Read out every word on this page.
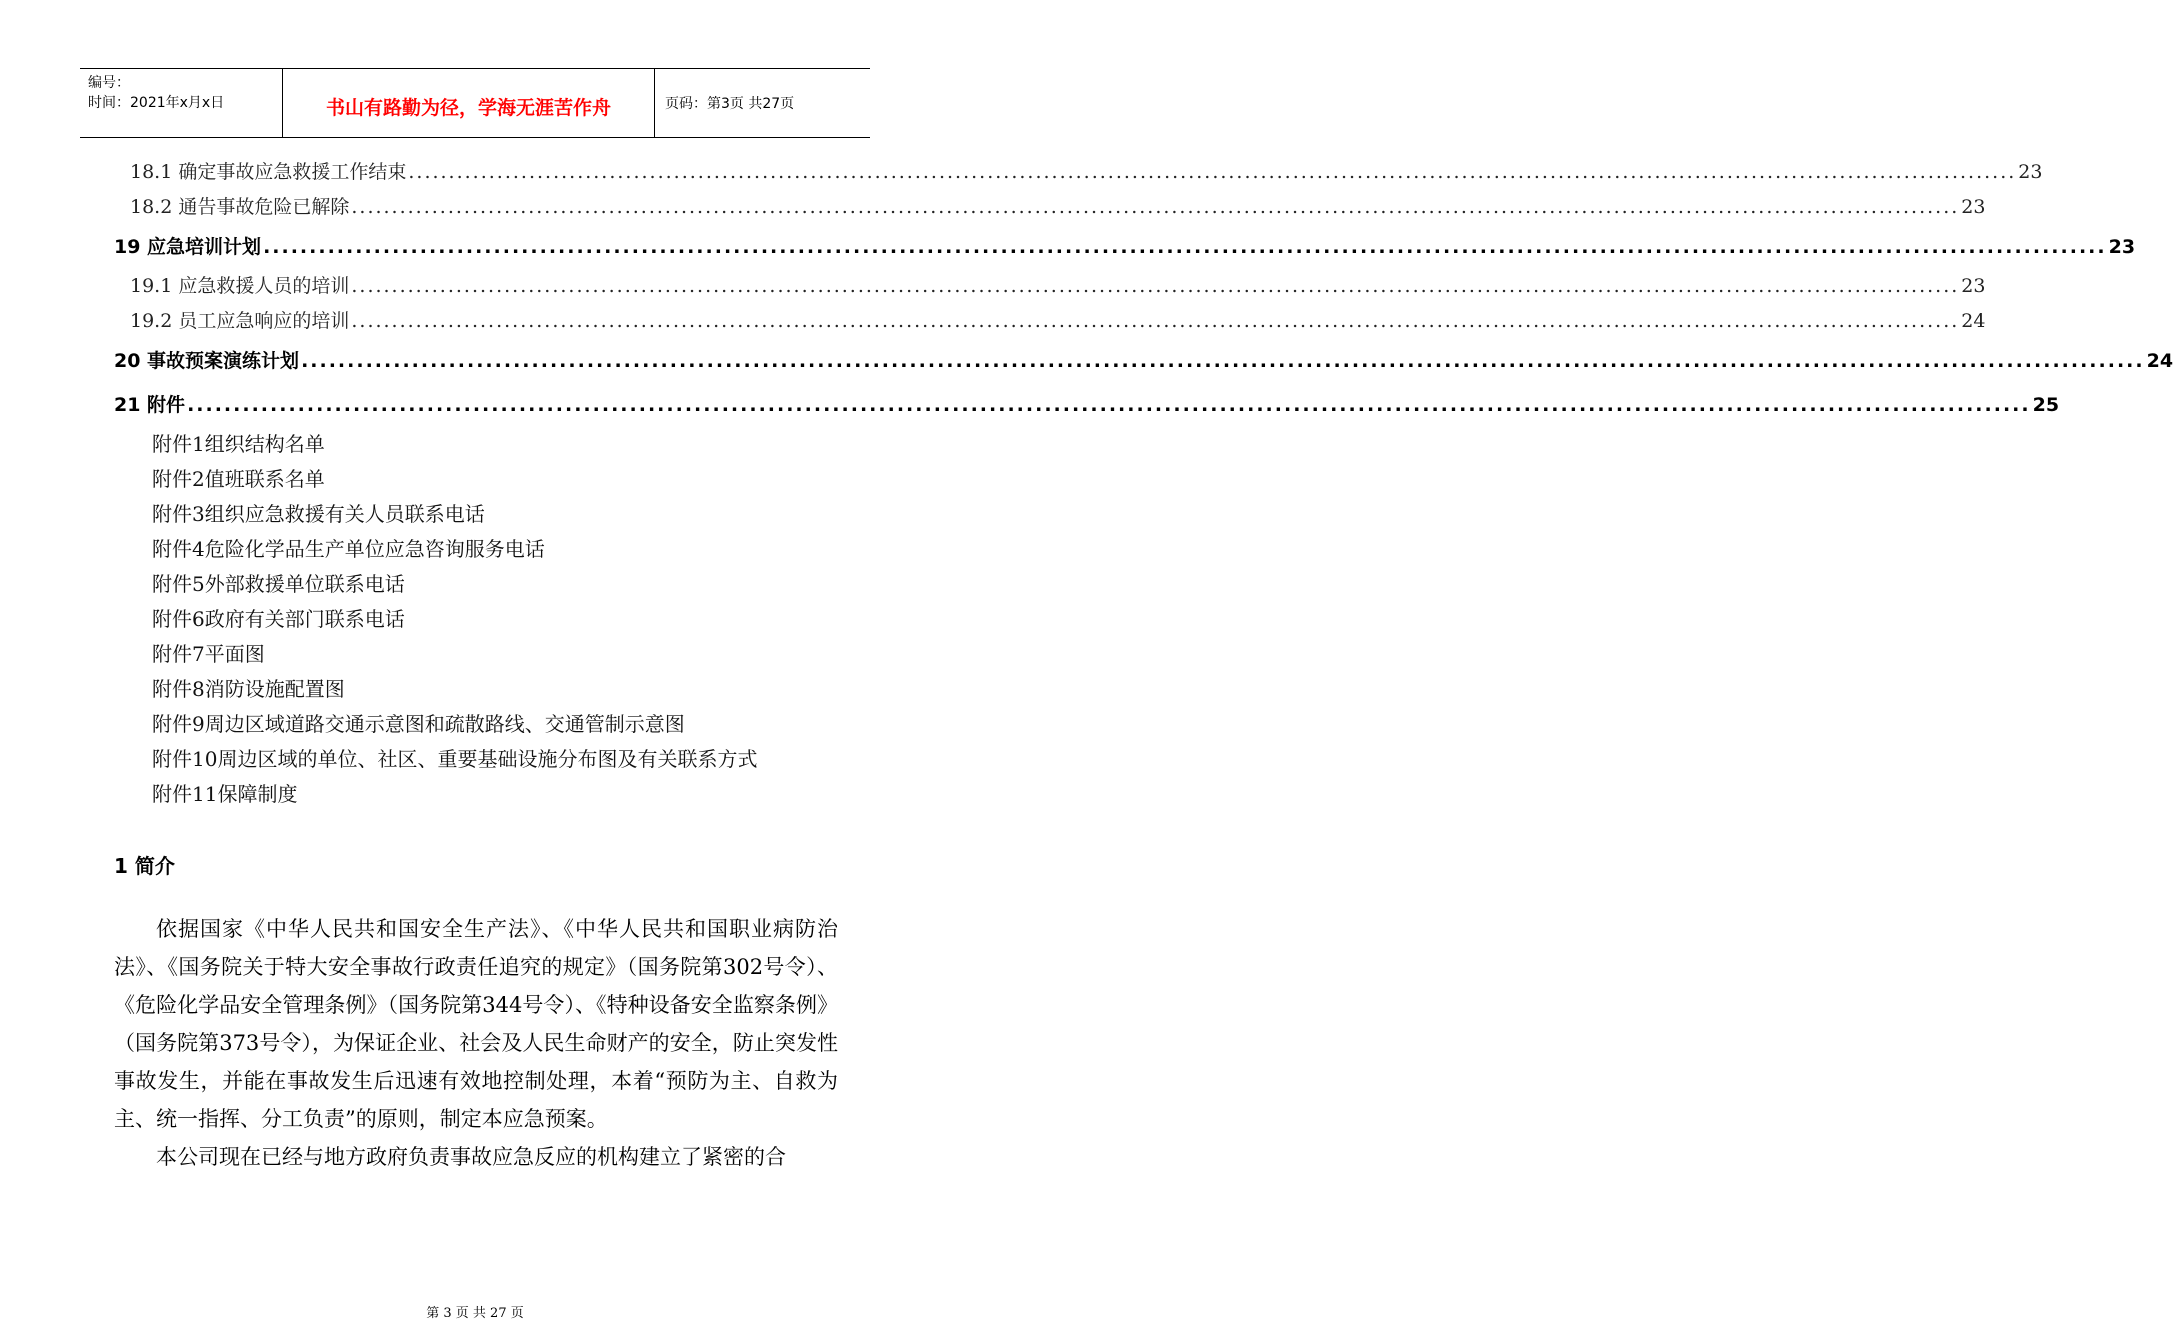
编号：
时间：2021年x月x日	书山有路勤为径，学海无涯苦作舟	页码：第3页 共27页
18.1 确定事故应急救援工作结束 ........................................................................................................................................................................................................ 23
18.2 通告事故危险已解除 ........................................................................................................................................................................................................ 23
19 应急培训计划 ........................................................................................................................................................................................................ 23
19.1 应急救援人员的培训 ........................................................................................................................................................................................................ 23
19.2 员工应急响应的培训 ........................................................................................................................................................................................................ 24
20 事故预案演练计划 ........................................................................................................................................................................................................ 24
21 附件 ........................................................................................................................................................................................................ 25
附件1组织结构名单
附件2值班联系名单
附件3组织应急救援有关人员联系电话
附件4危险化学品生产单位应急咨询服务电话
附件5外部救援单位联系电话
附件6政府有关部门联系电话
附件7平面图
附件8消防设施配置图
附件9周边区域道路交通示意图和疏散路线、交通管制示意图
附件10周边区域的单位、社区、重要基础设施分布图及有关联系方式
附件11保障制度
1 简介

依据国家《中华人民共和国安全生产法》、《中华人民共和国职业病防治法》、《国务院关于特大安全事故行政责任追究的规定》（国务院第302号令）、《危险化学品安全管理条例》（国务院第344号令）、《特种设备安全监察条例》（国务院第373号令），为保证企业、社会及人民生命财产的安全，防止突发性事故发生，并能在事故发生后迅速有效地控制处理，本着“预防为主、自救为主、统一指挥、分工负责”的原则，制定本应急预案。

本公司现在已经与地方政府负责事故应急反应的机构建立了紧密的合

第 3 页 共 27 页
